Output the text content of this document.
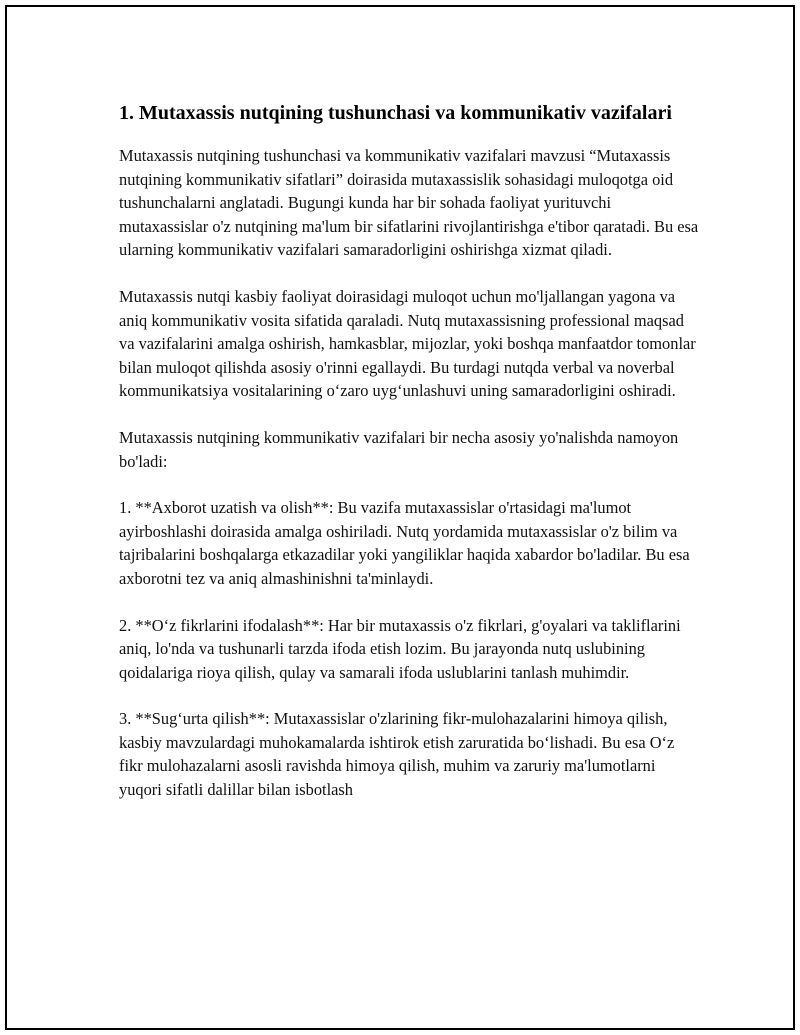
1. Mutaxassis nutqining tushunchasi va kommunikativ vazifalari

Mutaxassis nutqining tushunchasi va kommunikativ vazifalari mavzusi “Mutaxassis nutqining kommunikativ sifatlari” doirasida mutaxassislik sohasidagi muloqotga oid tushunchalarni anglatadi. Bugungi kunda har bir sohada faoliyat yurituvchi mutaxassislar o'z nutqining ma'lum bir sifatlarini rivojlantirishga e'tibor qaratadi. Bu esa ularning kommunikativ vazifalari samaradorligini oshirishga xizmat qiladi.

Mutaxassis nutqi kasbiy faoliyat doirasidagi muloqot uchun mo'ljallangan yagona va aniq kommunikativ vosita sifatida qaraladi. Nutq mutaxassisning professional maqsad va vazifalarini amalga oshirish, hamkasblar, mijozlar, yoki boshqa manfaatdor tomonlar bilan muloqot qilishda asosiy o'rinni egallaydi. Bu turdagi nutqda verbal va noverbal kommunikatsiya vositalarining o‘zaro uyg‘unlashuvi uning samaradorligini oshiradi.

Mutaxassis nutqining kommunikativ vazifalari bir necha asosiy yo'nalishda namoyon bo'ladi:

1. **Axborot uzatish va olish**: Bu vazifa mutaxassislar o'rtasidagi ma'lumot ayirboshlashi doirasida amalga oshiriladi. Nutq yordamida mutaxassislar o'z bilim va tajribalarini boshqalarga etkazadilar yoki yangiliklar haqida xabardor bo'ladilar. Bu esa axborotni tez va aniq almashinishni ta'minlaydi.

2. **O‘z fikrlarini ifodalash**: Har bir mutaxassis o'z fikrlari, g'oyalari va takliflarini aniq, lo'nda va tushunarli tarzda ifoda etish lozim. Bu jarayonda nutq uslubining qoidalariga rioya qilish, qulay va samarali ifoda uslublarini tanlash muhimdir.

3. **Sug‘urta qilish**: Mutaxassislar o'zlarining fikr-mulohazalarini himoya qilish, kasbiy mavzulardagi muhokamalarda ishtirok etish zaruratida bo‘lishadi. Bu esa O‘z fikr mulohazalarni asosli ravishda himoya qilish, muhim va zaruriy ma'lumotlarni yuqori sifatli dalillar bilan isbotlash
